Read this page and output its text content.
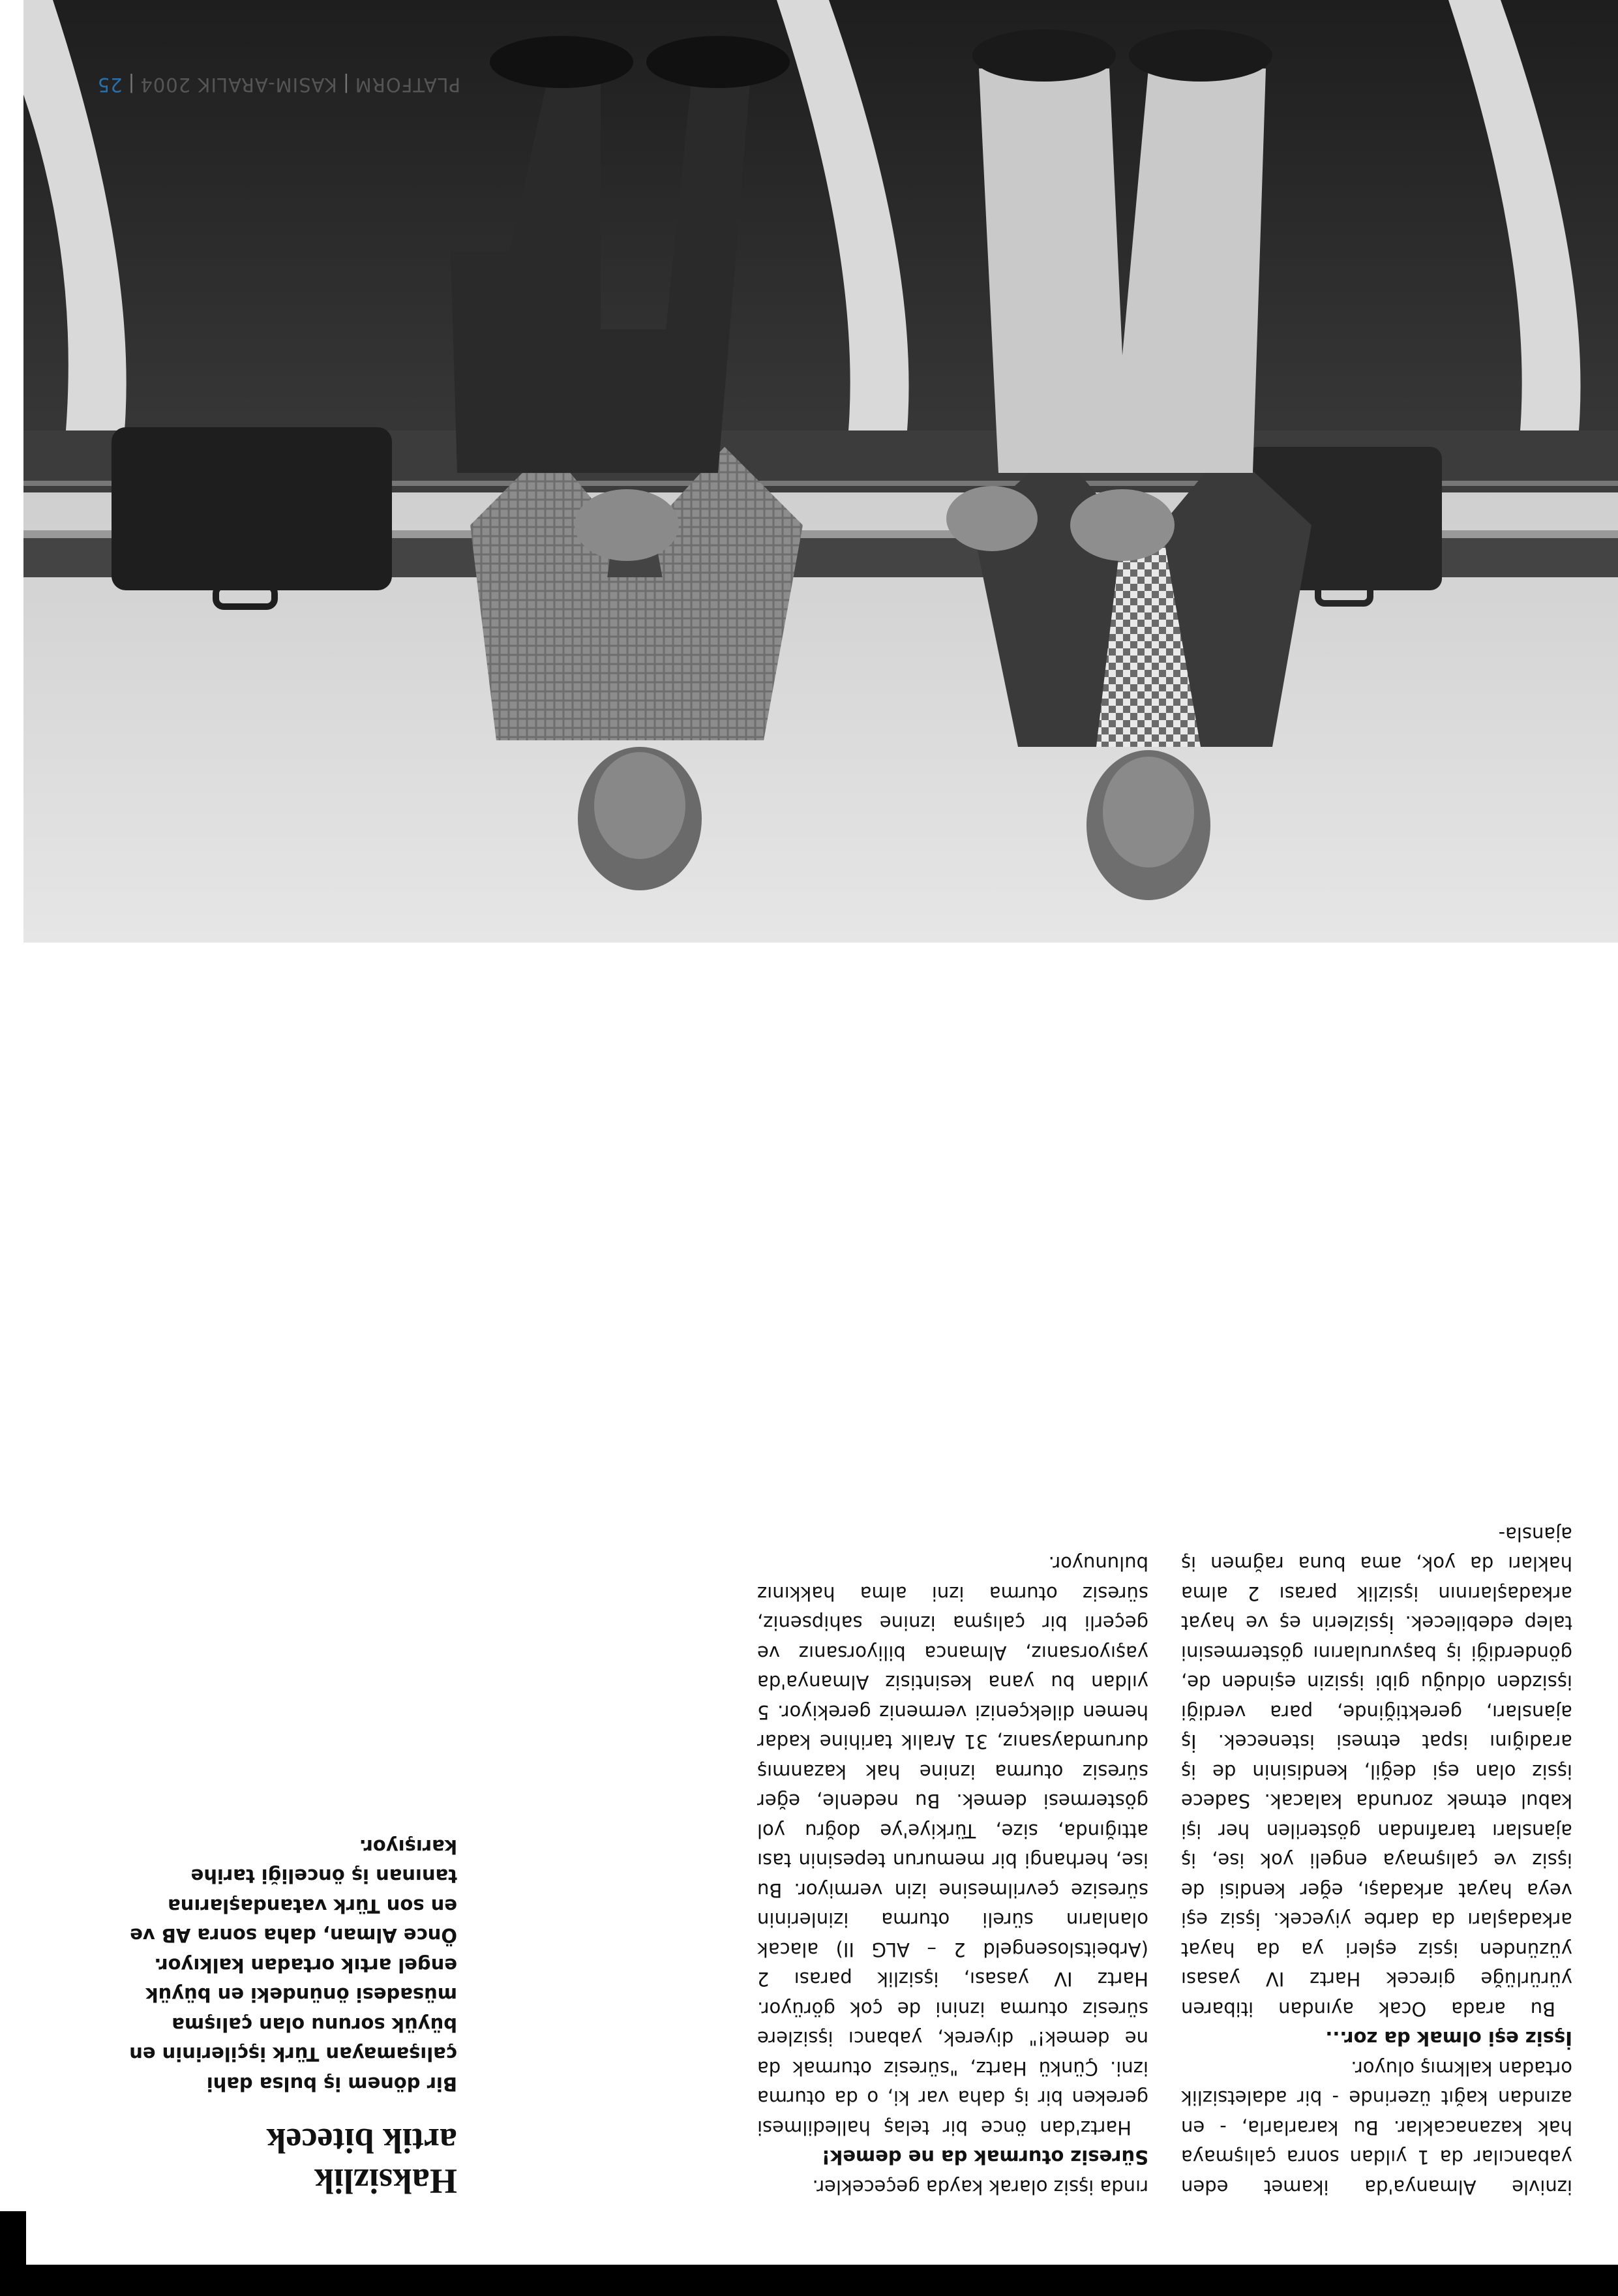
iznivle Almanya'da ikamet eden yabancılar da 1 yıldan sonra çalışmaya hak kazanacaklar. Bu kararlarla, - en azından kağıt üzerinde - bir adaletsizlik ortadan kalkmış oluyor.

İşsiz eşi olmak da zor...

Bu arada Ocak ayından itibaren yürürlüğe girecek Hartz IV yasası yüzünden işsiz eşleri ya da hayat arkadaşları da darbe yiyecek. İşsiz eşi veya hayat arkadaşı, eğer kendisi de işsiz ve çalışmaya engeli yok ise, iş ajansları tarafından gösterilen her işi kabul etmek zorunda kalacak. Sadece işsiz olan eşi değil, kendisinin de iş aradığını ispat etmesi istenecek. İş ajansları, gerektiğinde, para verdiği işsizden olduğu gibi işsizin eşinden de, gönderdiği iş başvurularını göstermesini talep edebilecek. İşsizlerin eş ve hayat arkadaşlarının işsizlik parası 2 alma hakları da yok, ama buna rağmen iş ajansla-

rında işsiz olarak kayda geçecekler.

Süresiz oturmak da ne demek!

Hartz'dan önce bir telaş halledilmesi gereken bir iş daha var ki, o da oturma izni. Çünkü Hartz, "süresiz oturmak da ne demek!" diyerek, yabancı işsizlere süresiz oturma iznini de çok görüyor. Hartz IV yasası, işsizlik parası 2 (Arbeitslosengeld 2 – ALG II) alacak olanların süreli oturma izinlerinin süresize çevrilmesine izin vermiyor. Bu ise, herhangi bir memurun tepesinin tası attığında, size, Türkiye'ye doğru yol göstermesi demek. Bu nedenle, eğer süresiz oturma iznine hak kazanmış durumdaysanız, 31 Aralık tarihine kadar hemen dilekçenizi vermeniz gerekiyor. 5 yıldan bu yana kesintisiz Almanya'da yaşıyorsanız, Almanca biliyorsanız ve geçerli bir çalışma iznine sahipseniz, süresiz oturma izni alma hakkınız bulunuyor.

Haksizlik artik bitecek
Bir dönem iş bulsa dahi çalışamayan Türk işçilerinin en büyük sorunu olan çalışma müsadesi önündeki en büyük engel artık ortadan kalkıyor. Önce Alman, daha sonra AB ve en son Türk vatandaşlarına tanınan iş önceliği tarihe karışıyor.
PLATFORM|KASIM-ARALIK 2004|25
